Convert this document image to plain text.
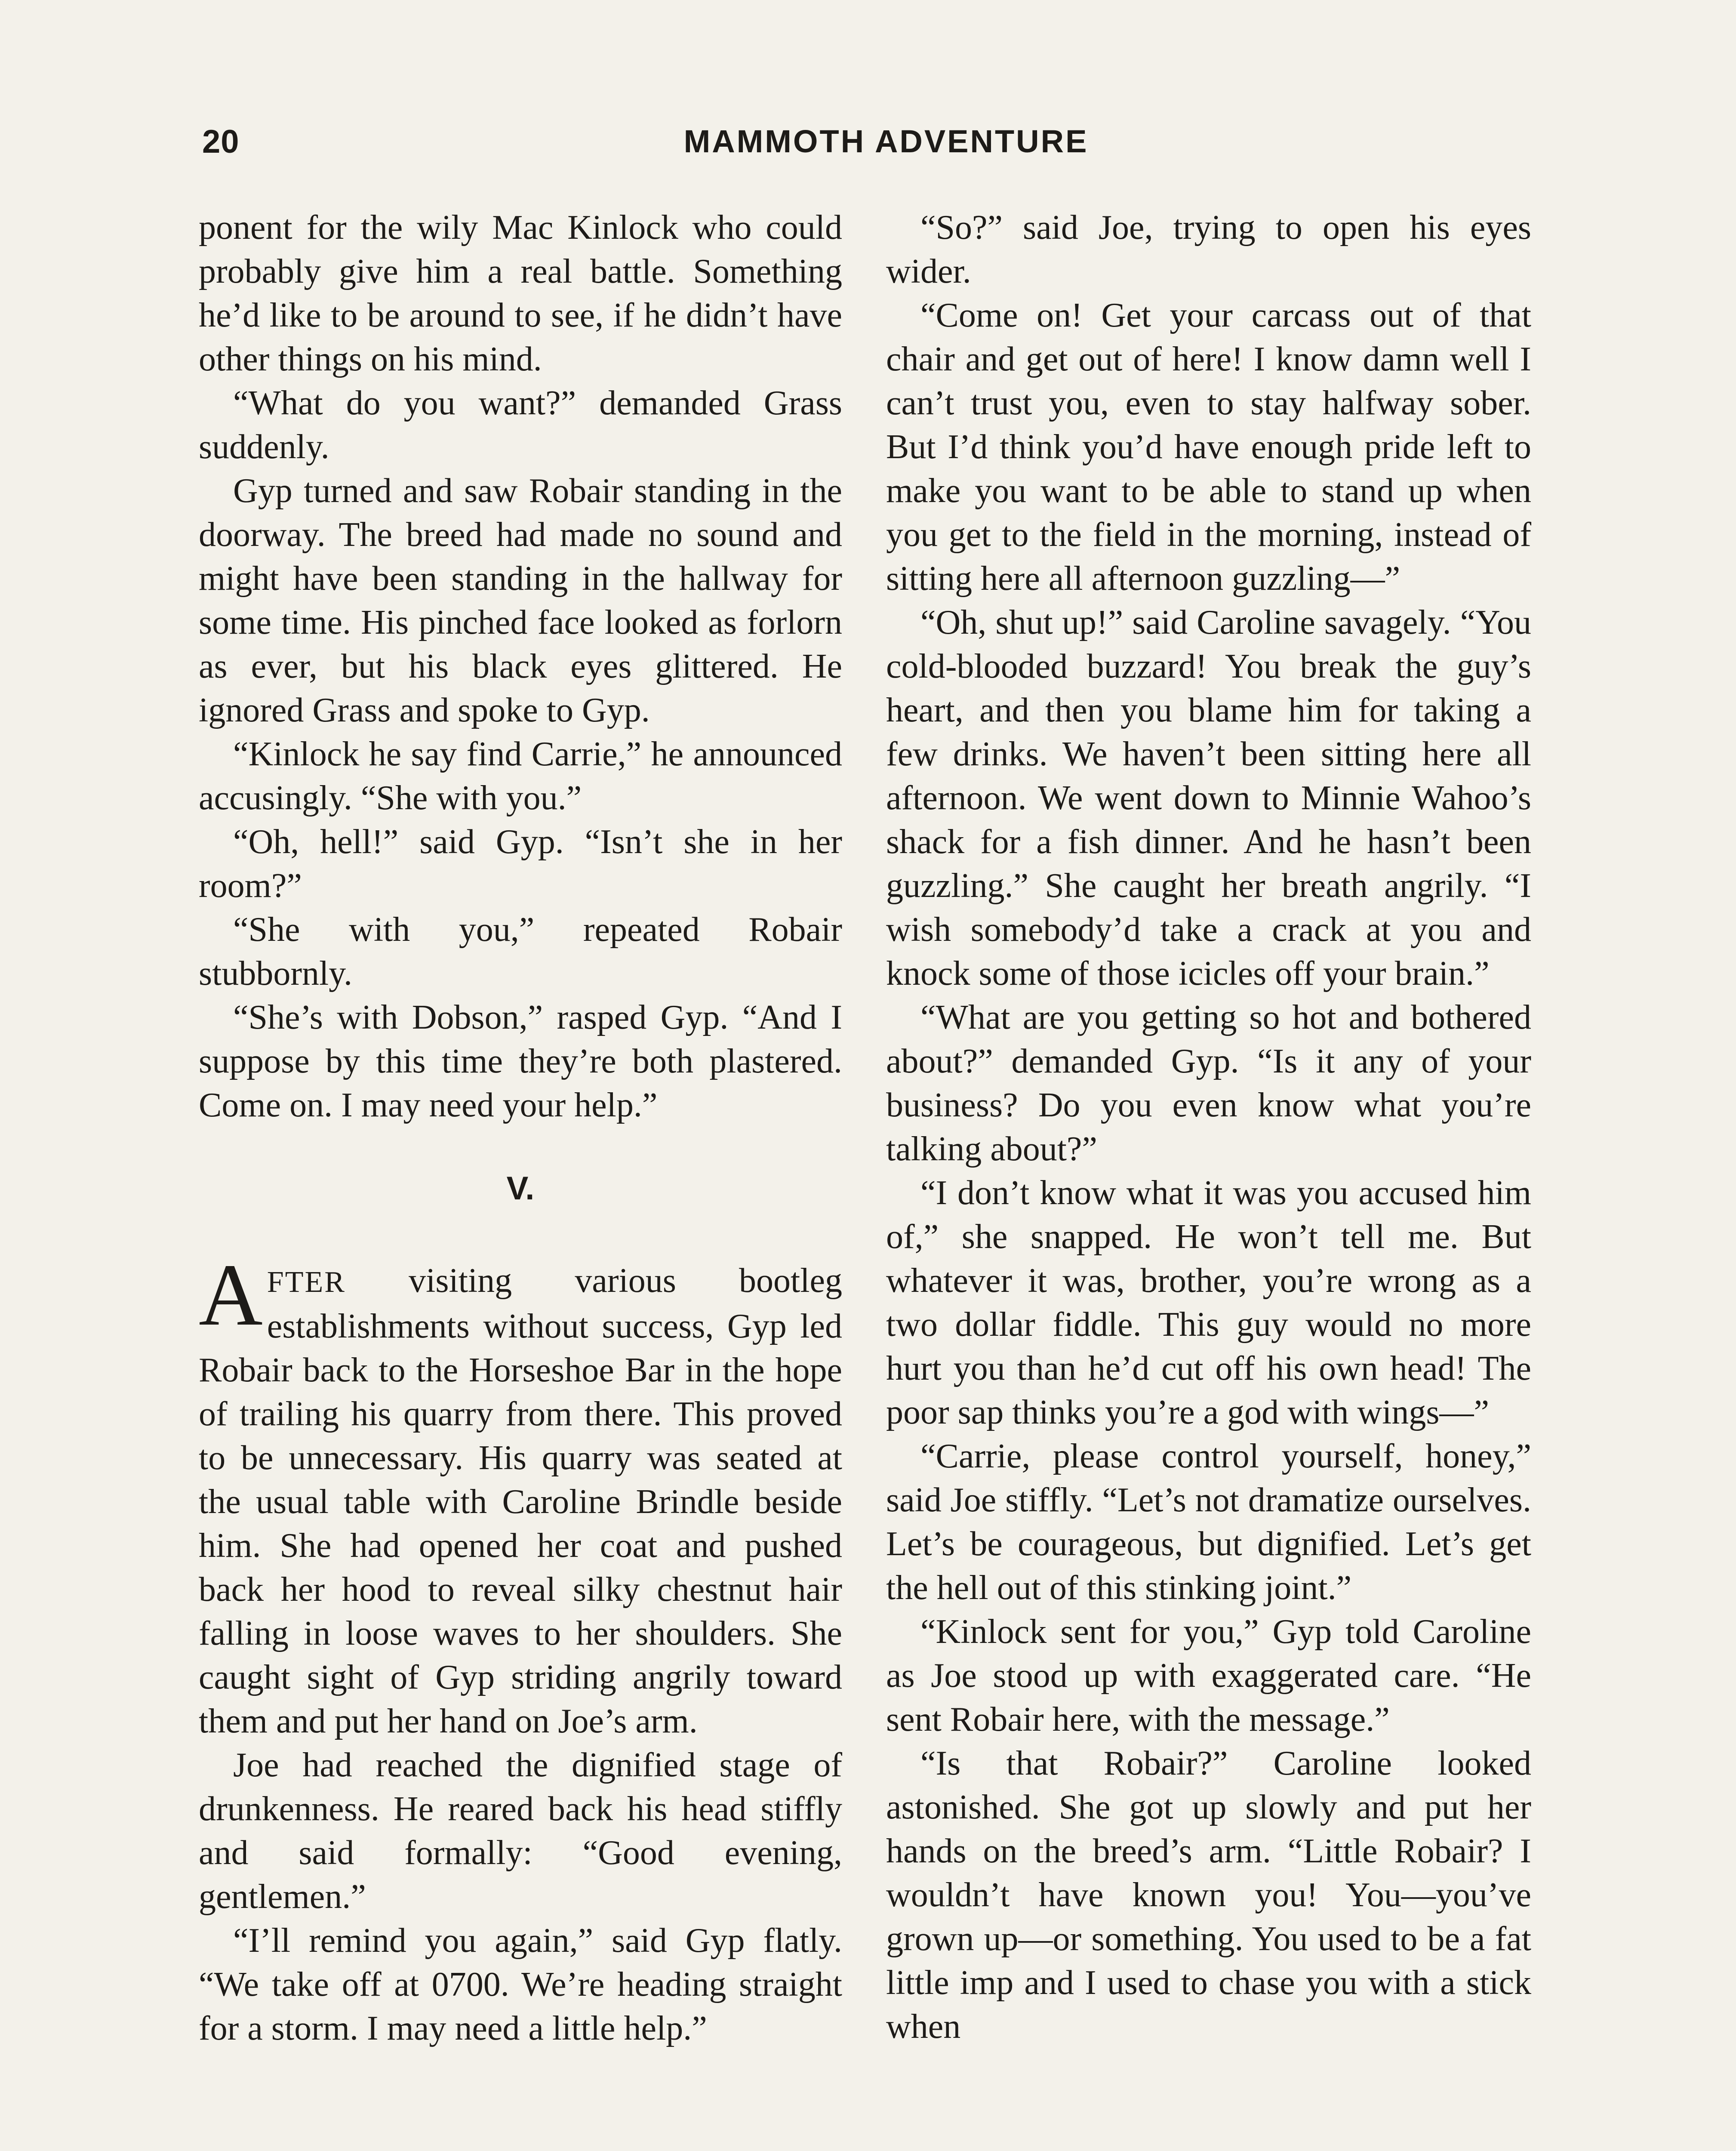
20	MAMMOTH ADVENTURE

ponent for the wily Mac Kinlock who could probably give him a real battle. Something he’d like to be around to see, if he didn’t have other things on his mind.

“What do you want?” demanded Grass suddenly.

Gyp turned and saw Robair standing in the doorway. The breed had made no sound and might have been standing in the hallway for some time. His pinched face looked as forlorn as ever, but his black eyes glittered. He ignored Grass and spoke to Gyp.

“Kinlock he say find Carrie,” he announced accusingly. “She with you.”

“Oh, hell!” said Gyp. “Isn’t she in her room?”

“She with you,” repeated Robair stubbornly.

“She’s with Dobson,” rasped Gyp. “And I suppose by this time they’re both plastered. Come on. I may need your help.”

V.

AFTER visiting various bootleg establishments without success, Gyp led Robair back to the Horseshoe Bar in the hope of trailing his quarry from there. This proved to be unnecessary. His quarry was seated at the usual table with Caroline Brindle beside him. She had opened her coat and pushed back her hood to reveal silky chestnut hair falling in loose waves to her shoulders. She caught sight of Gyp striding angrily toward them and put her hand on Joe’s arm.

Joe had reached the dignified stage of drunkenness. He reared back his head stiffly and said formally: “Good evening, gentlemen.”

“I’ll remind you again,” said Gyp flatly. “We take off at 0700. We’re heading straight for a storm. I may need a little help.”

“So?” said Joe, trying to open his eyes wider.

“Come on! Get your carcass out of that chair and get out of here! I know damn well I can’t trust you, even to stay halfway sober. But I’d think you’d have enough pride left to make you want to be able to stand up when you get to the field in the morning, instead of sitting here all afternoon guzzling—”

“Oh, shut up!” said Caroline savagely. “You cold-blooded buzzard! You break the guy’s heart, and then you blame him for taking a few drinks. We haven’t been sitting here all afternoon. We went down to Minnie Wahoo’s shack for a fish dinner. And he hasn’t been guzzling.” She caught her breath angrily. “I wish somebody’d take a crack at you and knock some of those icicles off your brain.”

“What are you getting so hot and bothered about?” demanded Gyp. “Is it any of your business? Do you even know what you’re talking about?”

“I don’t know what it was you accused him of,” she snapped. He won’t tell me. But whatever it was, brother, you’re wrong as a two dollar fiddle. This guy would no more hurt you than he’d cut off his own head! The poor sap thinks you’re a god with wings—”

“Carrie, please control yourself, honey,” said Joe stiffly. “Let’s not dramatize ourselves. Let’s be courageous, but dignified. Let’s get the hell out of this stinking joint.”

“Kinlock sent for you,” Gyp told Caroline as Joe stood up with exaggerated care. “He sent Robair here, with the message.”

“Is that Robair?” Caroline looked astonished. She got up slowly and put her hands on the breed’s arm. “Little Robair? I wouldn’t have known you! You—you’ve grown up—or something. You used to be a fat little imp and I used to chase you with a stick when
